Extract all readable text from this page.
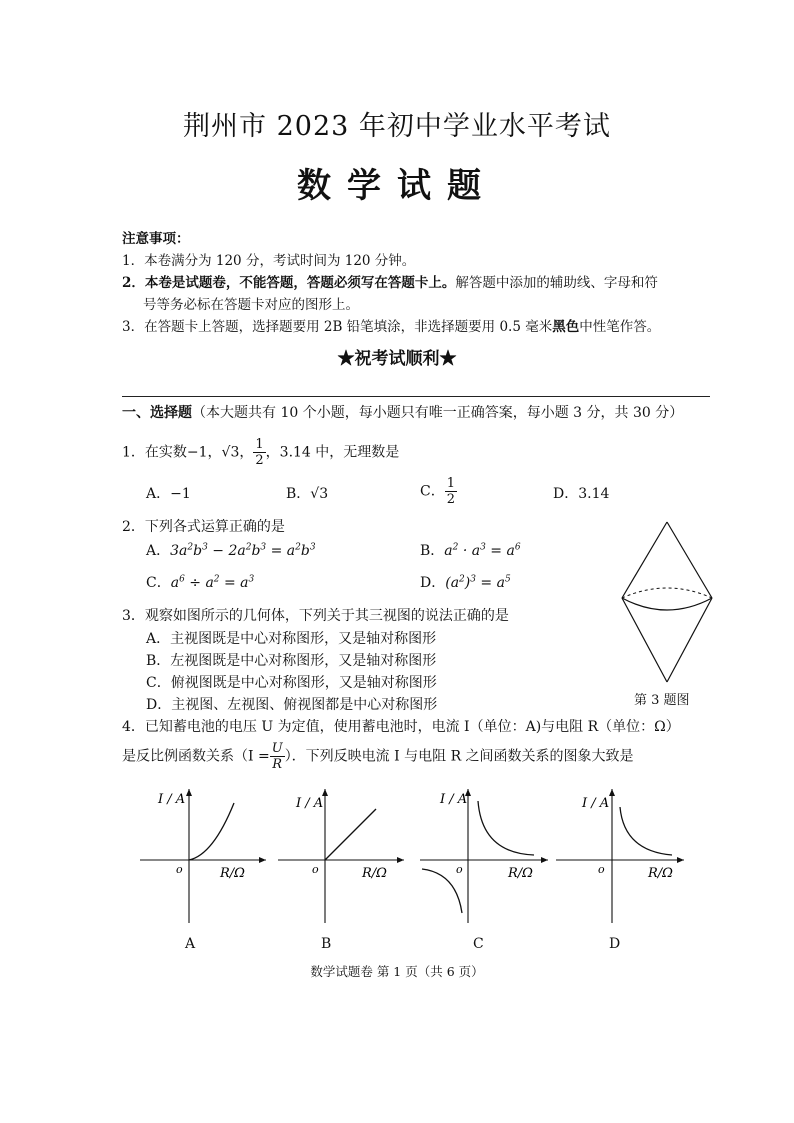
荆州市 2023 年初中学业水平考试
数学试题
注意事项：
1．本卷满分为 120 分，考试时间为 120 分钟。
2．本卷是试题卷，不能答题，答题必须写在答题卡上。解答题中添加的辅助线、字母和符
号等务必标在答题卡对应的图形上。
3．在答题卡上答题，选择题要用 2B 铅笔填涂，非选择题要用 0.5 毫米黑色中性笔作答。
★祝考试顺利★
一、选择题（本大题共有 10 个小题，每小题只有唯一正确答案，每小题 3 分，共 30 分）
1．在实数−1，√3， $\frac{1}{2}$ ，3.14 中，无理数是
A．−1	B．√3	C． $\frac{1}{2}$	D．3.14
2．下列各式运算正确的是
A．$3a^2b^3 - 2a^2b^3 = a^2b^3$	B．$a^2 \cdot a^3 = a^6$
C．$a^6 \div a^2 = a^3$	D．$(a^2)^3 = a^5$
第 3 题图
3．观察如图所示的几何体，下列关于其三视图的说法正确的是
A．主视图既是中心对称图形，又是轴对称图形
B．左视图既是中心对称图形，又是轴对称图形
C．俯视图既是中心对称图形，又是轴对称图形
D．主视图、左视图、俯视图都是中心对称图形
4．已知蓄电池的电压 U 为定值，使用蓄电池时，电流 I（单位：A)与电阻 R（单位：Ω）
是反比例函数关系（$I = \frac{U}{R}$ ）．下列反映电流 I 与电阻 R 之间函数关系的图象大致是
I / A
R/Ω
o
A
I / A
R/Ω
o
B
I / A
R/Ω
o
C
I / A
R/Ω
o
D
数学试题卷 第 1 页（共 6 页）
